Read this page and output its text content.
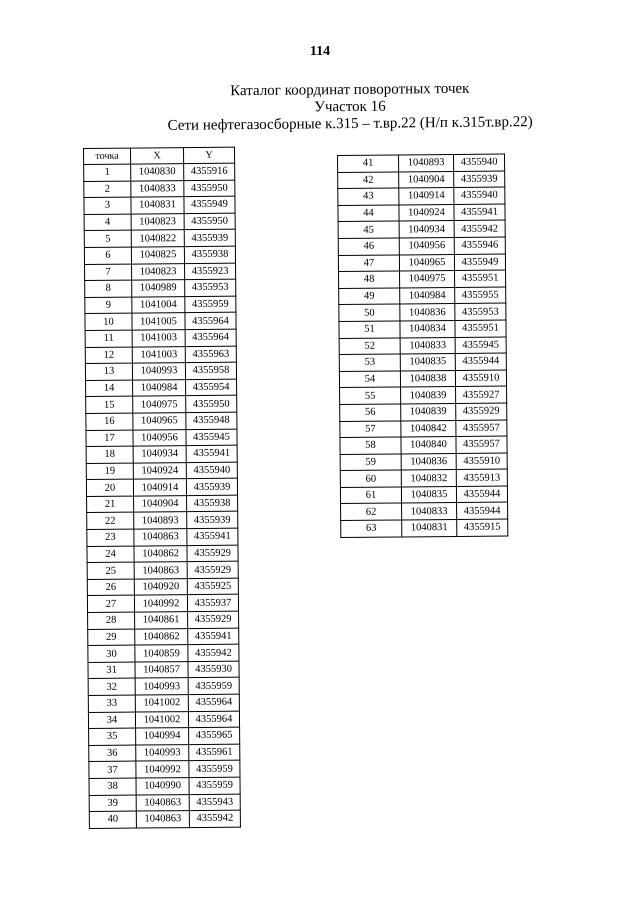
114
Каталог координат поворотных точек
Участок 16
Сети нефтегазосборные к.315 – т.вр.22 (Н/п к.315т.вр.22)
точка	X	Y
1	1040830	4355916
2	1040833	4355950
3	1040831	4355949
4	1040823	4355950
5	1040822	4355939
6	1040825	4355938
7	1040823	4355923
8	1040989	4355953
9	1041004	4355959
10	1041005	4355964
11	1041003	4355964
12	1041003	4355963
13	1040993	4355958
14	1040984	4355954
15	1040975	4355950
16	1040965	4355948
17	1040956	4355945
18	1040934	4355941
19	1040924	4355940
20	1040914	4355939
21	1040904	4355938
22	1040893	4355939
23	1040863	4355941
24	1040862	4355929
25	1040863	4355929
26	1040920	4355925
27	1040992	4355937
28	1040861	4355929
29	1040862	4355941
30	1040859	4355942
31	1040857	4355930
32	1040993	4355959
33	1041002	4355964
34	1041002	4355964
35	1040994	4355965
36	1040993	4355961
37	1040992	4355959
38	1040990	4355959
39	1040863	4355943
40	1040863	4355942
41	1040893	4355940
42	1040904	4355939
43	1040914	4355940
44	1040924	4355941
45	1040934	4355942
46	1040956	4355946
47	1040965	4355949
48	1040975	4355951
49	1040984	4355955
50	1040836	4355953
51	1040834	4355951
52	1040833	4355945
53	1040835	4355944
54	1040838	4355910
55	1040839	4355927
56	1040839	4355929
57	1040842	4355957
58	1040840	4355957
59	1040836	4355910
60	1040832	4355913
61	1040835	4355944
62	1040833	4355944
63	1040831	4355915
